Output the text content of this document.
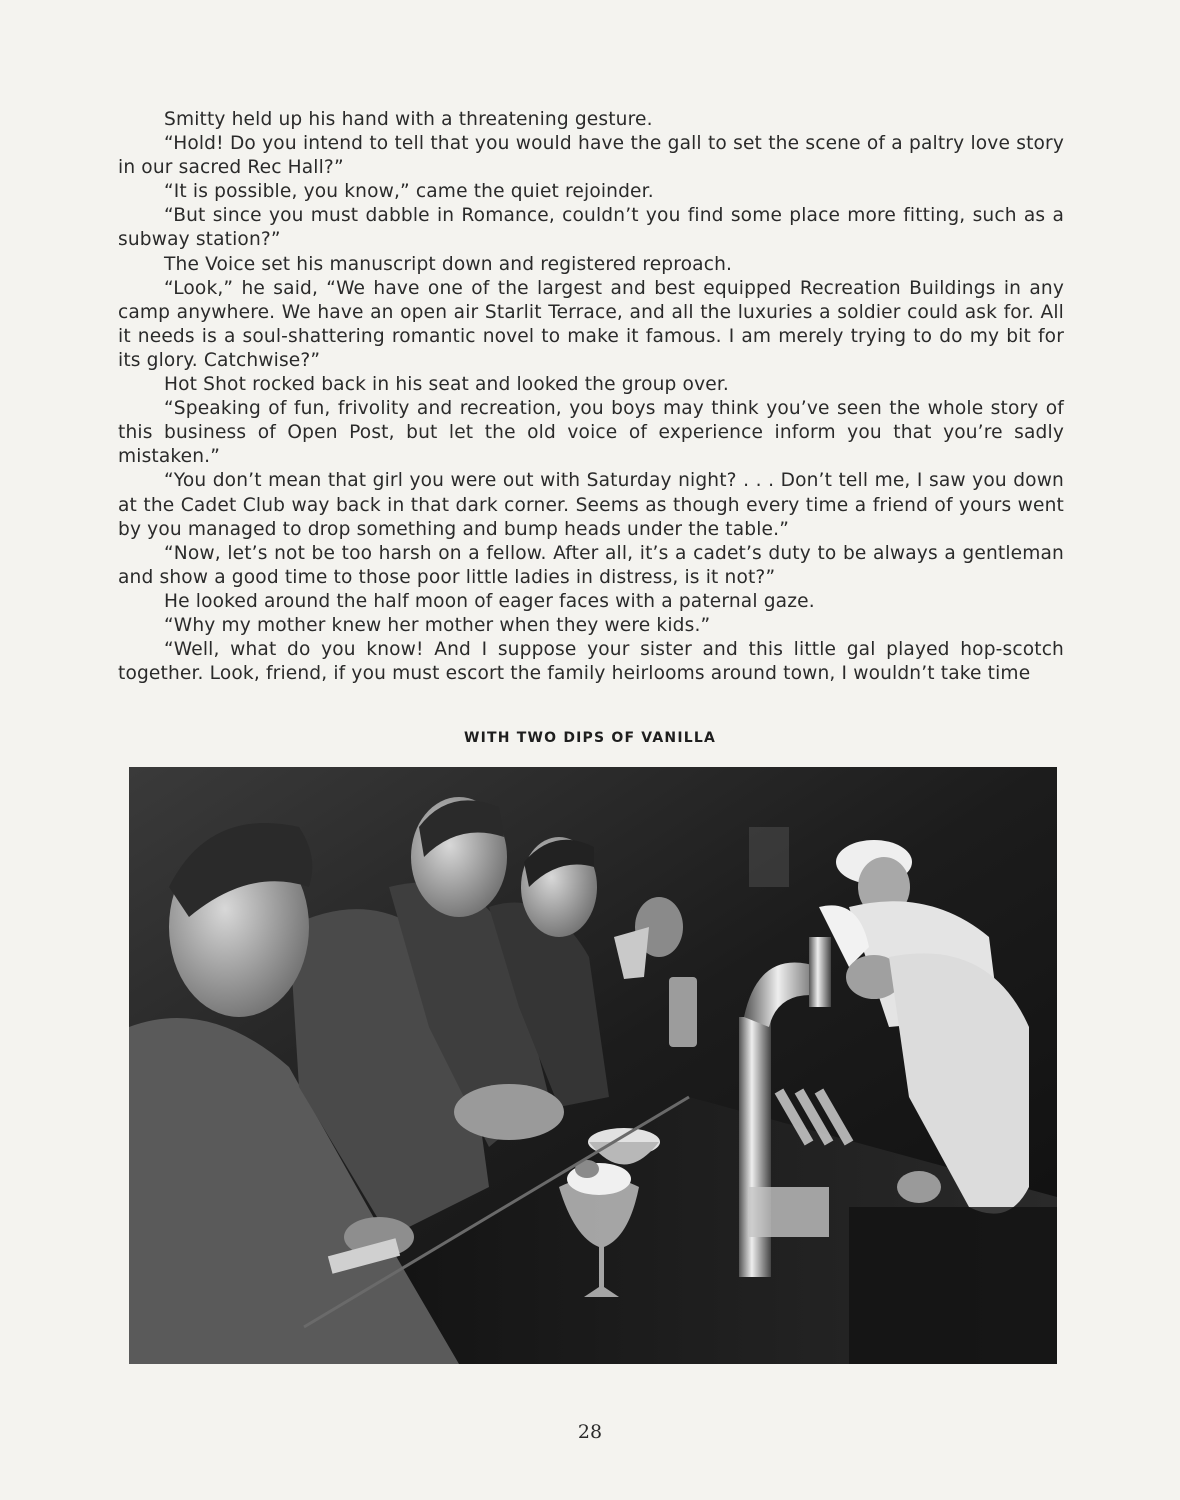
Smitty held up his hand with a threatening gesture.

“Hold! Do you intend to tell that you would have the gall to set the scene of a paltry love story in our sacred Rec Hall?”

“It is possible, you know,” came the quiet rejoinder.

“But since you must dabble in Romance, couldn’t you find some place more fitting, such as a subway station?”

The Voice set his manuscript down and registered reproach.

“Look,” he said, “We have one of the largest and best equipped Recreation Buildings in any camp anywhere. We have an open air Starlit Terrace, and all the luxuries a soldier could ask for. All it needs is a soul-shattering romantic novel to make it famous. I am merely trying to do my bit for its glory. Catchwise?”

Hot Shot rocked back in his seat and looked the group over.

“Speaking of fun, frivolity and recreation, you boys may think you’ve seen the whole story of this business of Open Post, but let the old voice of experience inform you that you’re sadly mistaken.”

“You don’t mean that girl you were out with Saturday night? . . . Don’t tell me, I saw you down at the Cadet Club way back in that dark corner. Seems as though every time a friend of yours went by you managed to drop something and bump heads under the table.”

“Now, let’s not be too harsh on a fellow. After all, it’s a cadet’s duty to be always a gentleman and show a good time to those poor little ladies in distress, is it not?”

He looked around the half moon of eager faces with a paternal gaze.

“Why my mother knew her mother when they were kids.”

“Well, what do you know! And I suppose your sister and this little gal played hop-scotch together. Look, friend, if you must escort the family heirlooms around town, I wouldn’t take time

WITH TWO DIPS OF VANILLA
28
